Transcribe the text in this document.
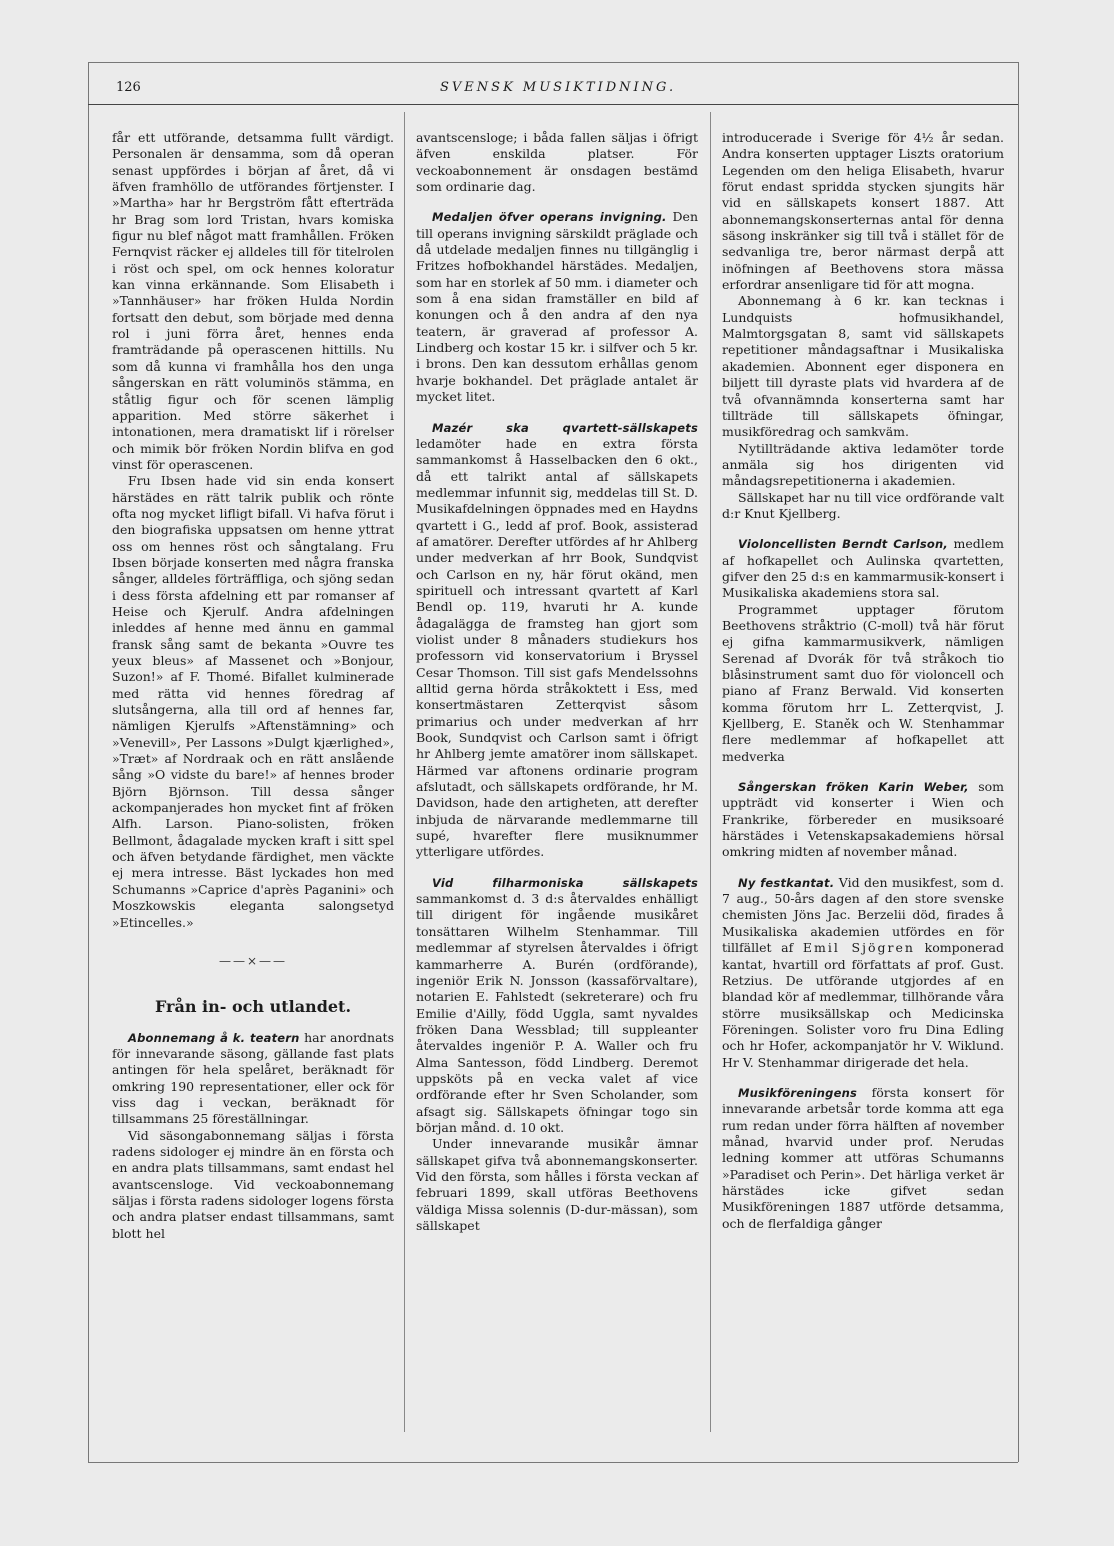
126	SVENSK MUSIKTIDNING.

får ett utförande, detsamma fullt värdigt. Personalen är densamma, som då operan senast uppfördes i början af året, då vi äfven framhöllo de utförandes förtjenster. I »Martha» har hr Bergström fått efterträda hr Brag som lord Tristan, hvars komiska figur nu blef något matt framhållen. Fröken Fernqvist räcker ej alldeles till för titelrolen i röst och spel, om ock hennes koloratur kan vinna erkännande. Som Elisabeth i »Tannhäuser» har fröken Hulda Nordin fortsatt den debut, som började med denna rol i juni förra året, hennes enda framträdande på operascenen hittills. Nu som då kunna vi framhålla hos den unga sångerskan en rätt voluminös stämma, en ståtlig figur och för scenen lämplig apparition. Med större säkerhet i intonationen, mera dramatiskt lif i rörelser och mimik bör fröken Nordin blifva en god vinst för operascenen.

Fru Ibsen hade vid sin enda konsert härstädes en rätt talrik publik och rönte ofta nog mycket lifligt bifall. Vi hafva förut i den biografiska uppsatsen om henne yttrat oss om hennes röst och sångtalang. Fru Ibsen började konserten med några franska sånger, alldeles förträffliga, och sjöng sedan i dess första afdelning ett par romanser af Heise och Kjerulf. Andra afdelningen inleddes af henne med ännu en gammal fransk sång samt de bekanta »Ouvre tes yeux bleus» af Massenet och »Bonjour, Suzon!» af F. Thomé. Bifallet kulminerade med rätta vid hennes föredrag af slutsångerna, alla till ord af hennes far, nämligen Kjerulfs »Aftenstämning» och »Venevill», Per Lassons »Dulgt kjærlighed», »Træt» af Nordraak och en rätt anslående sång »O vidste du bare!» af hennes broder Björn Björnson. Till dessa sånger ackompanjerades hon mycket fint af fröken Alfh. Larson. Piano-solisten, fröken Bellmont, ådagalade mycken kraft i sitt spel och äfven betydande färdighet, men väckte ej mera intresse. Bäst lyckades hon med Schumanns »Caprice d'après Paganini» och Moszkowskis eleganta salongsetyd »Etincelles.»

——×——
Från in- och utlandet.

Abonnemang å k. teatern har anordnats för innevarande säsong, gällande fast plats antingen för hela spelåret, beräknadt för omkring 190 representationer, eller ock för viss dag i veckan, beräknadt för tillsammans 25 föreställningar.

Vid säsongabonnemang säljas i första radens sidologer ej mindre än en första och en andra plats tillsammans, samt endast hel avantscensloge. Vid veckoabonnemang säljas i första radens sidologer logens första och andra platser endast tillsammans, samt blott hel

avantscensloge; i båda fallen säljas i öfrigt äfven enskilda platser. För veckoabonnement är onsdagen bestämd som ordinarie dag.

Medaljen öfver operans invigning. Den till operans invigning särskildt präglade och då utdelade medaljen finnes nu tillgänglig i Fritzes hofbokhandel härstädes. Medaljen, som har en storlek af 50 mm. i diameter och som å ena sidan framställer en bild af konungen och å den andra af den nya teatern, är graverad af professor A. Lindberg och kostar 15 kr. i silfver och 5 kr. i brons. Den kan dessutom erhållas genom hvarje bokhandel. Det präglade antalet är mycket litet.

Mazér ska qvartett-sällskapets ledamöter hade en extra första sammankomst å Hasselbacken den 6 okt., då ett talrikt antal af sällskapets medlemmar infunnit sig, meddelas till St. D. Musikafdelningen öppnades med en Haydns qvartett i G., ledd af prof. Book, assisterad af amatörer. Derefter utfördes af hr Ahlberg under medverkan af hrr Book, Sundqvist och Carlson en ny, här förut okänd, men spirituell och intressant qvartett af Karl Bendl op. 119, hvaruti hr A. kunde ådagalägga de framsteg han gjort som violist under 8 månaders studiekurs hos professorn vid konservatorium i Bryssel Cesar Thomson. Till sist gafs Mendelssohns alltid gerna hörda stråkoktett i Ess, med konsertmästaren Zetterqvist såsom primarius och under medverkan af hrr Book, Sundqvist och Carlson samt i öfrigt hr Ahlberg jemte amatörer inom sällskapet. Härmed var aftonens ordinarie program afslutadt, och sällskapets ordförande, hr M. Davidson, hade den artigheten, att derefter inbjuda de närvarande medlemmarne till supé, hvarefter flere musiknummer ytterligare utfördes.

Vid filharmoniska sällskapets sammankomst d. 3 d:s återvaldes enhälligt till dirigent för ingående musikåret tonsättaren Wilhelm Stenhammar. Till medlemmar af styrelsen återvaldes i öfrigt kammarherre A. Burén (ordförande), ingeniör Erik N. Jonsson (kassaförvaltare), notarien E. Fahlstedt (sekreterare) och fru Emilie d'Ailly, född Uggla, samt nyvaldes fröken Dana Wessblad; till suppleanter återvaldes ingeniör P. A. Waller och fru Alma Santesson, född Lindberg. Deremot uppsköts på en vecka valet af vice ordförande efter hr Sven Scholander, som afsagt sig. Sällskapets öfningar togo sin början månd. d. 10 okt.

Under innevarande musikår ämnar sällskapet gifva två abonnemangskonserter. Vid den första, som hålles i första veckan af februari 1899, skall utföras Beethovens väldiga Missa solennis (D-dur-mässan), som sällskapet

introducerade i Sverige för 4½ år sedan. Andra konserten upptager Liszts oratorium Legenden om den heliga Elisabeth, hvarur förut endast spridda stycken sjungits här vid en sällskapets konsert 1887. Att abonnemangskonserternas antal för denna säsong inskränker sig till två i stället för de sedvanliga tre, beror närmast derpå att inöfningen af Beethovens stora mässa erfordrar ansenligare tid för att mogna.

Abonnemang à 6 kr. kan tecknas i Lundquists hofmusikhandel, Malmtorgsgatan 8, samt vid sällskapets repetitioner måndagsaftnar i Musikaliska akademien. Abonnent eger disponera en biljett till dyraste plats vid hvardera af de två ofvannämnda konserterna samt har tillträde till sällskapets öfningar, musikföredrag och samkväm.

Nytillträdande aktiva ledamöter torde anmäla sig hos dirigenten vid måndagsrepetitionerna i akademien.

Sällskapet har nu till vice ordförande valt d:r Knut Kjellberg.

Violoncellisten Berndt Carlson, medlem af hofkapellet och Aulinska qvartetten, gifver den 25 d:s en kammarmusik-konsert i Musikaliska akademiens stora sal.

Programmet upptager förutom Beethovens stråktrio (C-moll) två här förut ej gifna kammarmusikverk, nämligen Serenad af Dvorák för två stråkoch tio blåsinstrument samt duo för violoncell och piano af Franz Berwald. Vid konserten komma förutom hrr L. Zetterqvist, J. Kjellberg, E. Staněk och W. Stenhammar flere medlemmar af hofkapellet att medverka

Sångerskan fröken Karin Weber, som uppträdt vid konserter i Wien och Frankrike, förbereder en musiksoaré härstädes i Vetenskapsakademiens hörsal omkring midten af november månad.

Ny festkantat. Vid den musikfest, som d. 7 aug., 50-års dagen af den store svenske chemisten Jöns Jac. Berzelii död, firades å Musikaliska akademien utfördes en för tillfället af Emil Sjögren komponerad kantat, hvartill ord författats af prof. Gust. Retzius. De utförande utgjordes af en blandad kör af medlemmar, tillhörande våra större musiksällskap och Medicinska Föreningen. Solister voro fru Dina Edling och hr Hofer, ackompanjatör hr V. Wiklund. Hr V. Stenhammar dirigerade det hela.

Musikföreningens första konsert för innevarande arbetsår torde komma att ega rum redan under förra hälften af november månad, hvarvid under prof. Nerudas ledning kommer att utföras Schumanns »Paradiset och Perin». Det härliga verket är härstädes icke gifvet sedan Musikföreningen 1887 utförde detsamma, och de flerfaldiga gånger
